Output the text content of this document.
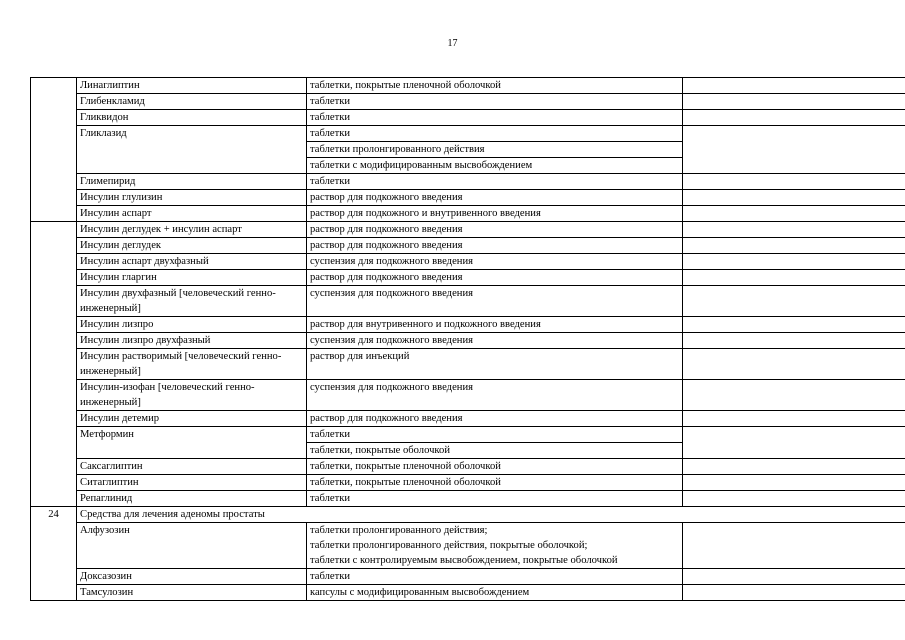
17
	Линаглиптин	таблетки, покрытые пленочной оболочкой	
	Глибенкламид	таблетки	
	Гликвидон	таблетки	
	Гликлазид	таблетки	
		таблетки пролонгированного действия	
		таблетки с модифицированным высвобождением	
	Глимепирид	таблетки	
	Инсулин глулизин	раствор для подкожного введения	
	Инсулин аспарт	раствор для подкожного и внутривенного введения	
	Инсулин деглудек + инсулин аспарт	раствор для подкожного введения	
	Инсулин деглудек	раствор для подкожного введения	
	Инсулин аспарт двухфазный	суспензия для подкожного введения	
	Инсулин гларгин	раствор для подкожного введения	
	Инсулин двухфазный [человеческий генно-инженерный]	суспензия для подкожного введения	
	Инсулин лизпро	раствор для внутривенного и подкожного введения	
	Инсулин лизпро двухфазный	суспензия для подкожного введения	
	Инсулин растворимый [человеческий генно-инженерный]	раствор для инъекций	
	Инсулин-изофан [человеческий генно-инженерный]	суспензия для подкожного введения	
	Инсулин детемир	раствор для подкожного введения	
	Метформин	таблетки	
		таблетки, покрытые оболочкой	
	Саксаглиптин	таблетки, покрытые пленочной оболочкой	
	Ситаглиптин	таблетки, покрытые пленочной оболочкой	
	Репаглинид	таблетки	
24	Средства для лечения аденомы простаты		
	Алфузозин	таблетки пролонгированного действия;
таблетки пролонгированного действия, покрытые оболочкой;
таблетки с контролируемым высвобождением, покрытые оболочкой	

	Доксазозин	таблетки	
	Тамсулозин	капсулы с модифицированным высвобождением	
